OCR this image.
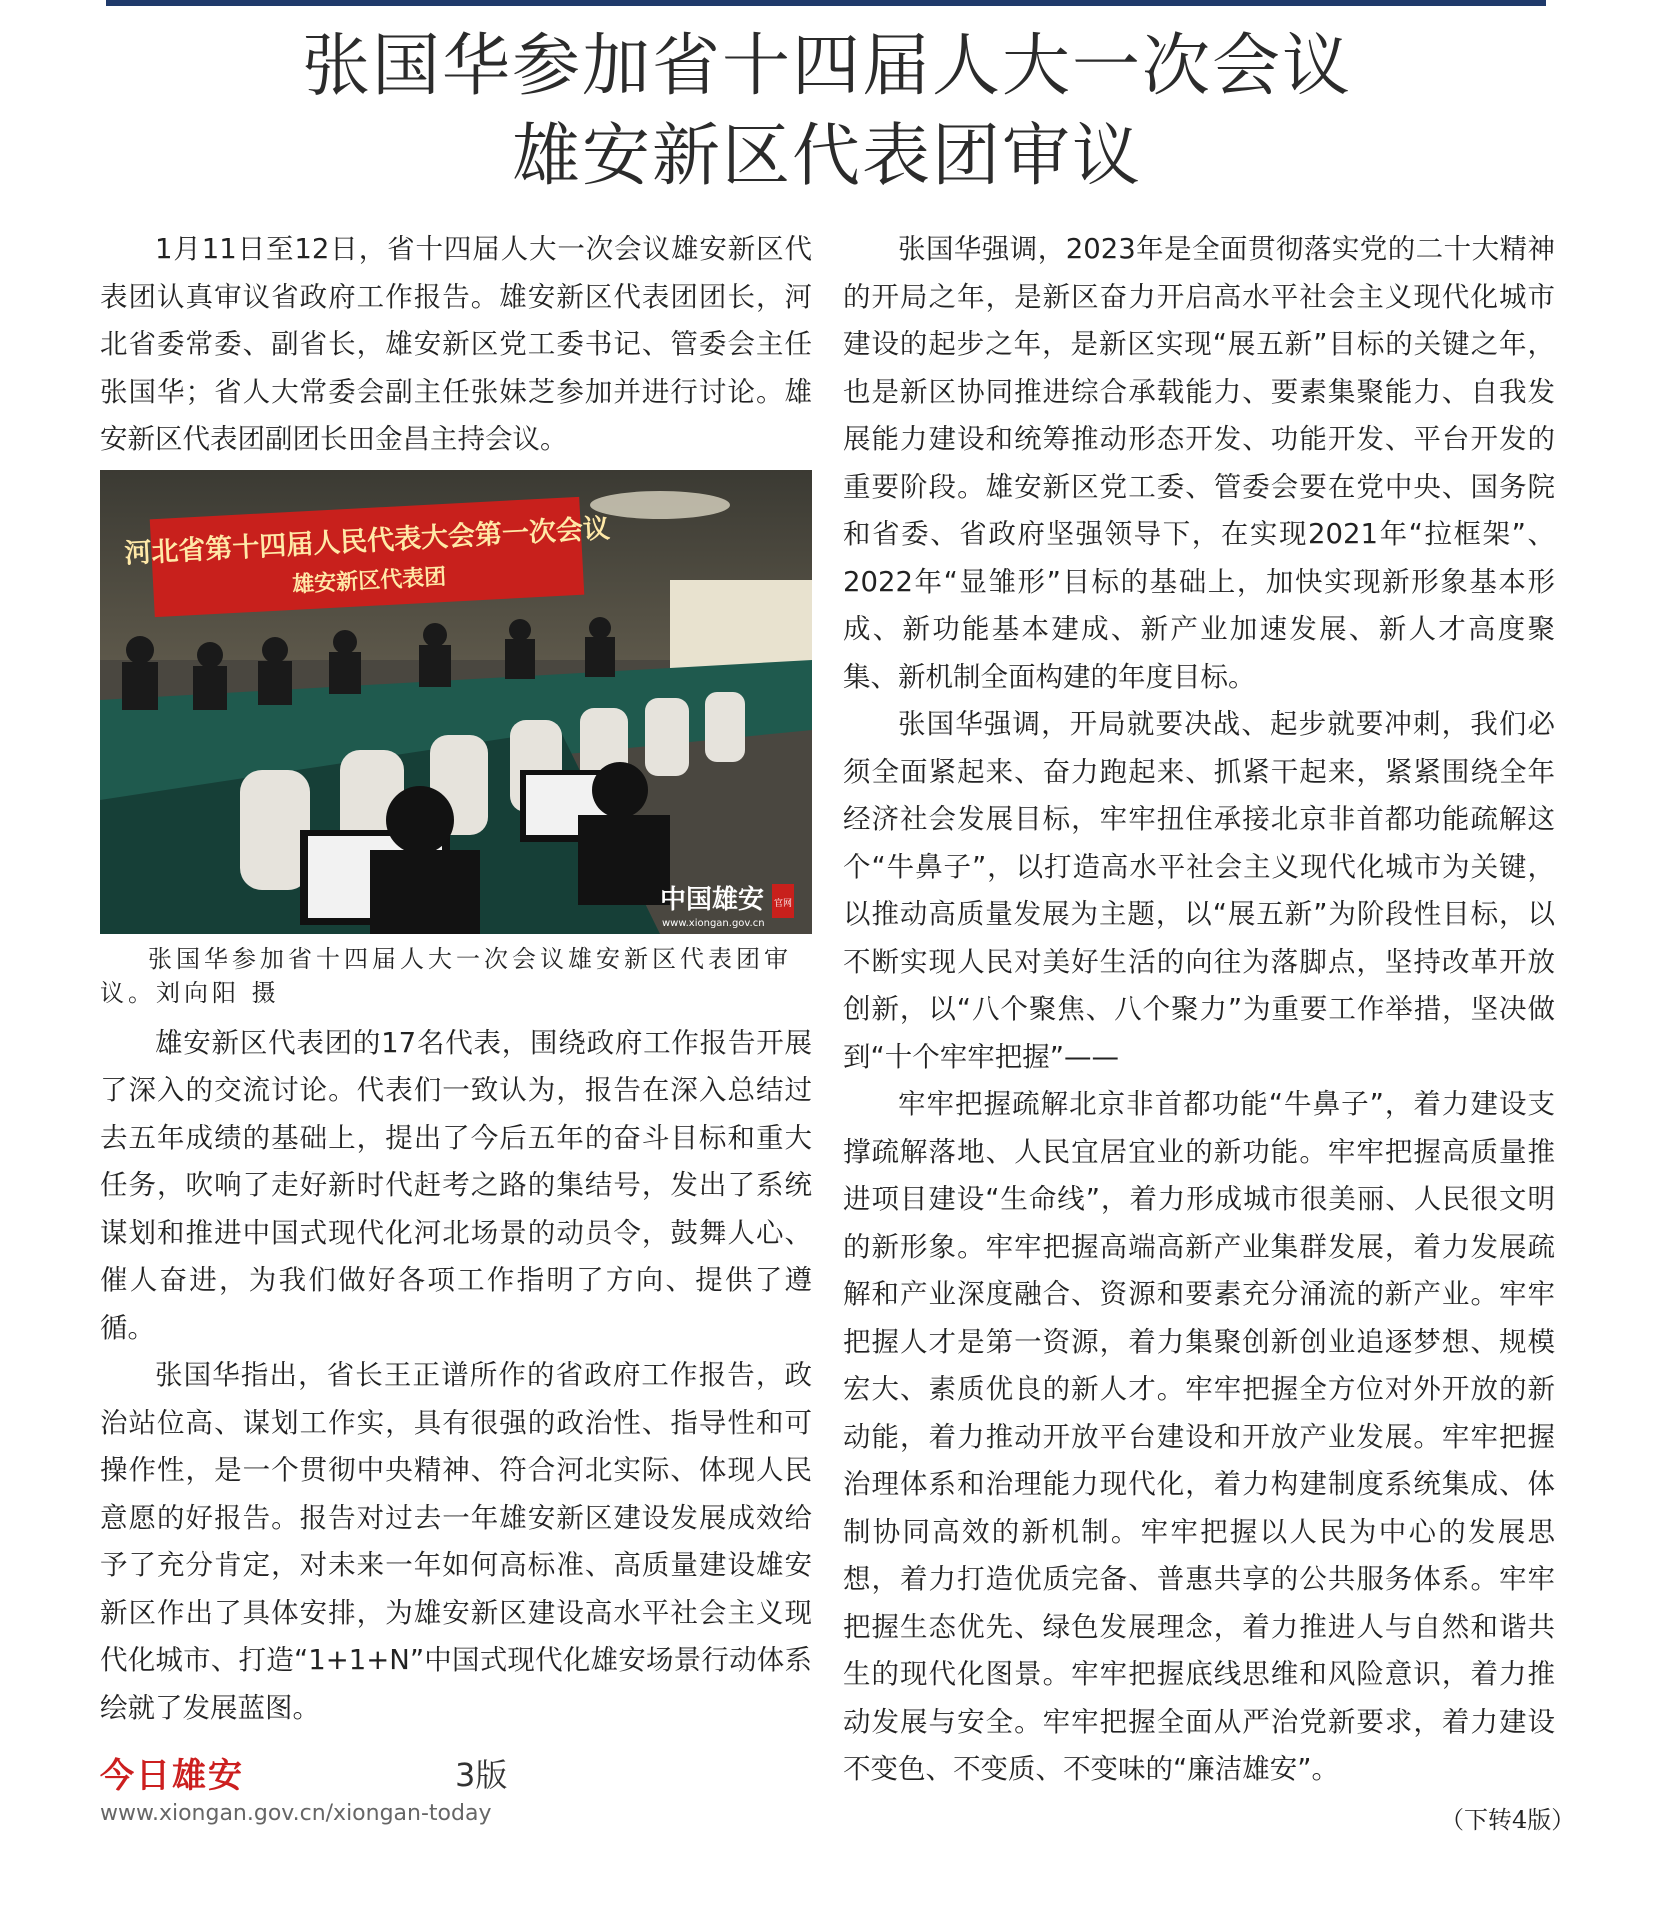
张国华参加省十四届人大一次会议
雄安新区代表团审议

1月11日至12日，省十四届人大一次会议雄安新区代表团认真审议省政府工作报告。雄安新区代表团团长，河北省委常委、副省长，雄安新区党工委书记、管委会主任张国华；省人大常委会副主任张妹芝参加并进行讨论。雄安新区代表团副团长田金昌主持会议。

河北省第十四届人民代表大会第一次会议
雄安新区代表团
中国雄安
www.xiongan.gov.cn
官网
张国华参加省十四届人大一次会议雄安新区代表团审议。刘向阳 摄

雄安新区代表团的17名代表，围绕政府工作报告开展了深入的交流讨论。代表们一致认为，报告在深入总结过去五年成绩的基础上，提出了今后五年的奋斗目标和重大任务，吹响了走好新时代赶考之路的集结号，发出了系统谋划和推进中国式现代化河北场景的动员令，鼓舞人心、催人奋进，为我们做好各项工作指明了方向、提供了遵循。

张国华指出，省长王正谱所作的省政府工作报告，政治站位高、谋划工作实，具有很强的政治性、指导性和可操作性，是一个贯彻中央精神、符合河北实际、体现人民意愿的好报告。报告对过去一年雄安新区建设发展成效给予了充分肯定，对未来一年如何高标准、高质量建设雄安新区作出了具体安排，为雄安新区建设高水平社会主义现代化城市、打造“1+1+N”中国式现代化雄安场景行动体系绘就了发展蓝图。

张国华强调，2023年是全面贯彻落实党的二十大精神的开局之年，是新区奋力开启高水平社会主义现代化城市建设的起步之年，是新区实现“展五新”目标的关键之年，也是新区协同推进综合承载能力、要素集聚能力、自我发展能力建设和统筹推动形态开发、功能开发、平台开发的重要阶段。雄安新区党工委、管委会要在党中央、国务院和省委、省政府坚强领导下，在实现2021年“拉框架”、2022年“显雏形”目标的基础上，加快实现新形象基本形成、新功能基本建成、新产业加速发展、新人才高度聚集、新机制全面构建的年度目标。

张国华强调，开局就要决战、起步就要冲刺，我们必须全面紧起来、奋力跑起来、抓紧干起来，紧紧围绕全年经济社会发展目标，牢牢扭住承接北京非首都功能疏解这个“牛鼻子”，以打造高水平社会主义现代化城市为关键，以推动高质量发展为主题，以“展五新”为阶段性目标，以不断实现人民对美好生活的向往为落脚点，坚持改革开放创新，以“八个聚焦、八个聚力”为重要工作举措，坚决做到“十个牢牢把握”——

牢牢把握疏解北京非首都功能“牛鼻子”，着力建设支撑疏解落地、人民宜居宜业的新功能。牢牢把握高质量推进项目建设“生命线”，着力形成城市很美丽、人民很文明的新形象。牢牢把握高端高新产业集群发展，着力发展疏解和产业深度融合、资源和要素充分涌流的新产业。牢牢把握人才是第一资源，着力集聚创新创业追逐梦想、规模宏大、素质优良的新人才。牢牢把握全方位对外开放的新动能，着力推动开放平台建设和开放产业发展。牢牢把握治理体系和治理能力现代化，着力构建制度系统集成、体制协同高效的新机制。牢牢把握以人民为中心的发展思想，着力打造优质完备、普惠共享的公共服务体系。牢牢把握生态优先、绿色发展理念，着力推进人与自然和谐共生的现代化图景。牢牢把握底线思维和风险意识，着力推动发展与安全。牢牢把握全面从严治党新要求，着力建设不变色、不变质、不变味的“廉洁雄安”。

（下转4版）
今日雄安	3版
www.xiongan.gov.cn/xiongan-today
